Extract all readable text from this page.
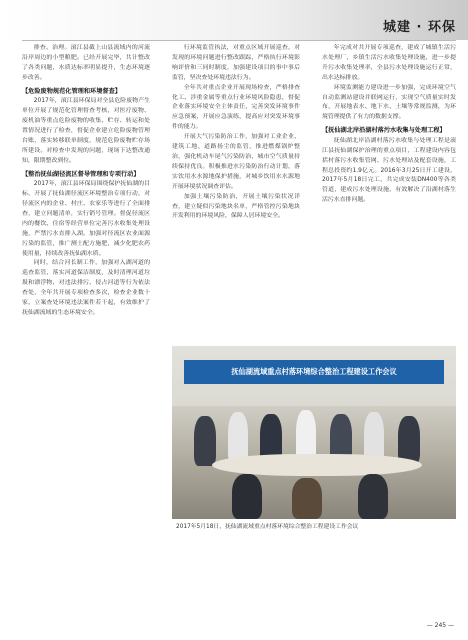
城建 · 环保

排查、治理。滚江县截上山县流域内的河流沿岸周边的小型粮肥。已经开展完毕，共计整改了各类问题，水质达标率明显提升，生态环境逐步改善。

【危险废物规范化管理和环境督查】

2017年，滚江县环保局对全县危险废物产生单位开展了规范化管理督查考核，对医疗废物、废机油等重点危险废物的收集、贮存、转运和处置情况进行了检查，督促企业建立危险废物管理台账，落实转移联单制度，规范危险废物贮存场所建设。对检查中发现的问题，现场下达整改通知，限期整改到位。

【整治抚仙湖径流区督导管理和专项行动】

2017年，滚江县环保局围绕保护抚仙湖的目标，开展了抚仙湖径流区环境整治专项行动，对径流区内的企业、村庄、农家乐等进行了全面排查，建立问题清单，实行销号管理。督促径流区内的餐饮、住宿等经营单位完善污水收集处理设施，严禁污水直排入湖。加强对径流区农业面源污染的监管，推广测土配方施肥，减少化肥农药使用量，持续改善抚仙湖水质。

同时，结合河长制工作，加强对入湖河道的巡查监管，落实河道保洁制度，及时清理河道垃圾和漂浮物，对违法排污、侵占河道等行为依法查处，全年共开展专项检查多次，检查企业数十家，立案查处环境违法案件若干起，有效维护了抚仙湖流域的生态环境安全。

行环境监管执法，对重点区域开展巡查，对发现的环境问题进行整改跟踪，严格执行环境影响评价和三同时制度，加强建设项目的事中事后监管，坚决查处环境违法行为。

全年共对重点企业开展现场检查，严格排查化工、涉重金属等重点行业环境风险隐患，督促企业落实环境安全主体责任，完善突发环境事件应急预案，开展应急演练，提高应对突发环境事件的能力。

开展大气污染防治工作，加强对工业企业、建筑工地、道路扬尘的监管，推进燃煤锅炉整治，强化机动车尾气污染防治，城市空气质量持续保持优良。积极推进水污染防治行动计划，落实饮用水水源地保护措施，对城乡饮用水水源地开展环境状况调查评估。

加强土壤污染防治，开展土壤污染状况详查，建立疑似污染地块名单，严格管控污染地块开发利用的环境风险，保障人居环境安全。

年完成对共开展专项巡查，建成了城镇生活污水处理厂、乡镇生活污水收集处理设施，进一步提升污水收集处理率，全县污水处理设施运行正常，出水达标排放。

环境监测能力建设进一步加强，完成环境空气自动监测站建设并联网运行，实现空气质量实时发布，开展地表水、地下水、土壤等常规监测，为环境管理提供了有力的数据支撑。

【抚仙湖北岸沿湖村落污水收集与处理工程】

抚仙湖北岸沿湖村落污水收集与处理工程是滚江县抚仙湖保护治理的重点项目，工程建设内容包括村落污水收集管网、污水处理站及配套设施，工程总投资约1.9亿元。2016年3月25日开工建设，2017年5月18日完工，共完成安装DN400等各类管道，建成污水处理设施，有效解决了沿湖村落生活污水直排问题。

抚仙湖流域重点村落环境综合整治工程建设工作会议
2017年5月18日，抚仙湖流域重点村落环境综合整治工程建设工作会议
— 245 —
